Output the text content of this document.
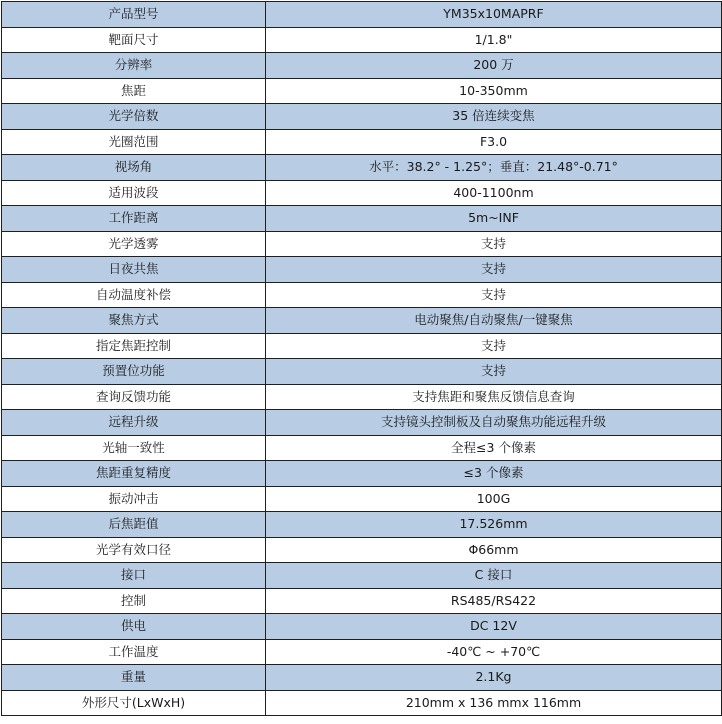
产品型号	YM35x10MAPRF
靶面尺寸	1/1.8"
分辨率	200 万
焦距	10-350mm
光学倍数	35 倍连续变焦
光圈范围	F3.0
视场角	水平：38.2° - 1.25°；垂直：21.48°-0.71°
适用波段	400-1100nm
工作距离	5m~INF
光学透雾	支持
日夜共焦	支持
自动温度补偿	支持
聚焦方式	电动聚焦/自动聚焦/一键聚焦
指定焦距控制	支持
预置位功能	支持
查询反馈功能	支持焦距和聚焦反馈信息查询
远程升级	支持镜头控制板及自动聚焦功能远程升级
光轴一致性	全程≤3 个像素
焦距重复精度	≤3 个像素
振动冲击	100G
后焦距值	17.526mm
光学有效口径	Φ66mm
接口	C 接口
控制	RS485/RS422
供电	DC 12V
工作温度	-40℃ ~ +70℃
重量	2.1Kg
外形尺寸(LxWxH)	210mm x 136 mmx 116mm
